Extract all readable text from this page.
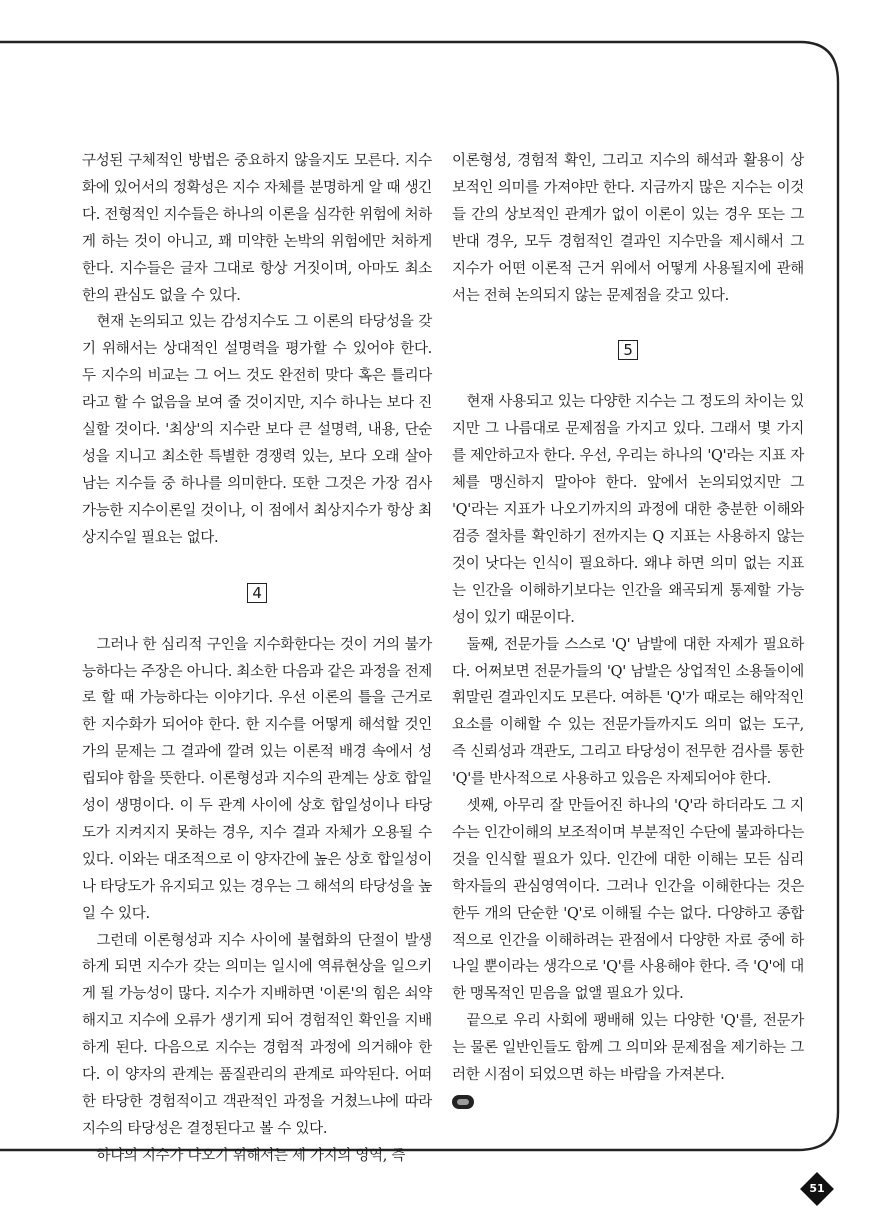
구성된 구체적인 방법은 중요하지 않을지도 모른다. 지수화에 있어서의 정확성은 지수 자체를 분명하게 알 때 생긴다. 전형적인 지수들은 하나의 이론을 심각한 위험에 처하게 하는 것이 아니고, 꽤 미약한 논박의 위험에만 처하게 한다. 지수들은 글자 그대로 항상 거짓이며, 아마도 최소한의 관심도 없을 수 있다.

현재 논의되고 있는 감성지수도 그 이론의 타당성을 갖기 위해서는 상대적인 설명력을 평가할 수 있어야 한다. 두 지수의 비교는 그 어느 것도 완전히 맞다 혹은 틀리다라고 할 수 없음을 보여 줄 것이지만, 지수 하나는 보다 진실할 것이다. '최상'의 지수란 보다 큰 설명력, 내용, 단순성을 지니고 최소한 특별한 경쟁력 있는, 보다 오래 살아남는 지수들 중 하나를 의미한다. 또한 그것은 가장 검사 가능한 지수이론일 것이나, 이 점에서 최상지수가 항상 최상지수일 필요는 없다.

4

그러나 한 심리적 구인을 지수화한다는 것이 거의 불가능하다는 주장은 아니다. 최소한 다음과 같은 과정을 전제로 할 때 가능하다는 이야기다. 우선 이론의 틀을 근거로 한 지수화가 되어야 한다. 한 지수를 어떻게 해석할 것인가의 문제는 그 결과에 깔려 있는 이론적 배경 속에서 성립되야 함을 뜻한다. 이론형성과 지수의 관계는 상호 합일성이 생명이다. 이 두 관계 사이에 상호 합일성이나 타당도가 지켜지지 못하는 경우, 지수 결과 자체가 오용될 수 있다. 이와는 대조적으로 이 양자간에 높은 상호 합일성이나 타당도가 유지되고 있는 경우는 그 해석의 타당성을 높일 수 있다.

그런데 이론형성과 지수 사이에 불협화의 단절이 발생하게 되면 지수가 갖는 의미는 일시에 역류현상을 일으키게 될 가능성이 많다. 지수가 지배하면 '이론'의 힘은 쇠약해지고 지수에 오류가 생기게 되어 경험적인 확인을 지배하게 된다. 다음으로 지수는 경험적 과정에 의거해야 한다. 이 양자의 관계는 품질관리의 관계로 파악된다. 어떠한 타당한 경험적이고 객관적인 과정을 거쳤느냐에 따라 지수의 타당성은 결정된다고 볼 수 있다.

하나의 지수가 나오기 위해서는 세 가지의 영역, 즉

이론형성, 경험적 확인, 그리고 지수의 해석과 활용이 상보적인 의미를 가져야만 한다. 지금까지 많은 지수는 이것들 간의 상보적인 관계가 없이 이론이 있는 경우 또는 그 반대 경우, 모두 경험적인 결과인 지수만을 제시해서 그 지수가 어떤 이론적 근거 위에서 어떻게 사용될지에 관해서는 전혀 논의되지 않는 문제점을 갖고 있다.

5

현재 사용되고 있는 다양한 지수는 그 정도의 차이는 있지만 그 나름대로 문제점을 가지고 있다. 그래서 몇 가지를 제안하고자 한다. 우선, 우리는 하나의 'Q'라는 지표 자체를 맹신하지 말아야 한다. 앞에서 논의되었지만 그 'Q'라는 지표가 나오기까지의 과정에 대한 충분한 이해와 검증 절차를 확인하기 전까지는 Q 지표는 사용하지 않는 것이 낫다는 인식이 필요하다. 왜냐 하면 의미 없는 지표는 인간을 이해하기보다는 인간을 왜곡되게 통제할 가능성이 있기 때문이다.

둘째, 전문가들 스스로 'Q' 남발에 대한 자제가 필요하다. 어쩌보면 전문가들의 'Q' 남발은 상업적인 소용돌이에 휘말린 결과인지도 모른다. 여하튼 'Q'가 때로는 해악적인 요소를 이해할 수 있는 전문가들까지도 의미 없는 도구, 즉 신뢰성과 객관도, 그리고 타당성이 전무한 검사를 통한 'Q'를 반사적으로 사용하고 있음은 자제되어야 한다.

셋째, 아무리 잘 만들어진 하나의 'Q'라 하더라도 그 지수는 인간이해의 보조적이며 부분적인 수단에 불과하다는 것을 인식할 필요가 있다. 인간에 대한 이해는 모든 심리학자들의 관심영역이다. 그러나 인간을 이해한다는 것은 한두 개의 단순한 'Q'로 이해될 수는 없다. 다양하고 종합적으로 인간을 이해하려는 관점에서 다양한 자료 중에 하나일 뿐이라는 생각으로 'Q'를 사용해야 한다. 즉 'Q'에 대한 맹목적인 믿음을 없앨 필요가 있다.

끝으로 우리 사회에 팽배해 있는 다양한 'Q'를, 전문가는 물론 일반인들도 함께 그 의미와 문제점을 제기하는 그러한 시점이 되었으면 하는 바람을 가져본다.

51
